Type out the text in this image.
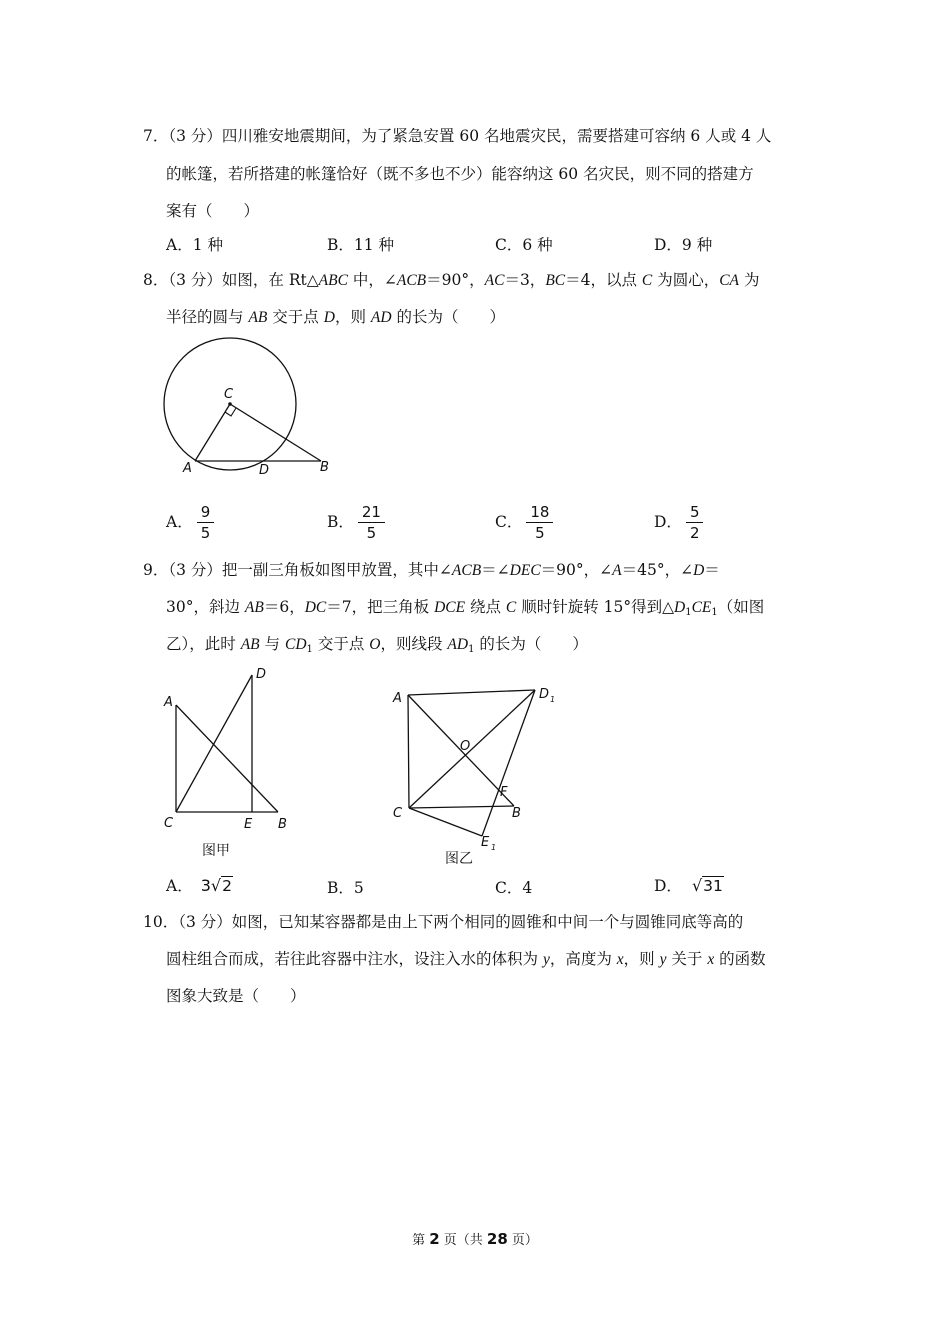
7．（3 分）四川雅安地震期间，为了紧急安置 60 名地震灾民，需要搭建可容纳 6 人或 4 人
的帐篷，若所搭建的帐篷恰好（既不多也不少）能容纳这 60 名灾民，则不同的搭建方
案有（　　）
A．1 种	B．11 种	C．6 种	D．9 种
8．（3 分）如图，在 Rt△ABC 中，∠ACB＝90°，AC＝3，BC＝4，以点 C 为圆心，CA 为
半径的圆与 AB 交于点 D，则 AD 的长为（　　）
C
A	D	B
A． $\frac{9}{5}$	B． $\frac{21}{5}$	C． $\frac{18}{5}$	D． $\frac{5}{2}$
9．（3 分）把一副三角板如图甲放置，其中∠ACB＝∠DEC＝90°，∠A＝45°，∠D＝
30°，斜边 AB＝6，DC＝7，把三角板 DCE 绕点 C 顺时针旋转 15°得到$\triangle D_1CE_1$（如图
乙），此时 AB 与 $CD_1$ 交于点 O，则线段 $AD_1$ 的长为（　　）
A
D
C	E B
图甲
A	D 1
O
F
C	B
E 1
图乙
A． 3√2	B．5	C．4	D． √31
10．（3 分）如图，已知某容器都是由上下两个相同的圆锥和中间一个与圆锥同底等高的
圆柱组合而成，若往此容器中注水，设注入水的体积为 y，高度为 x，则 y 关于 x 的函数
图象大致是（　　）
第 2 页（共 28 页）
